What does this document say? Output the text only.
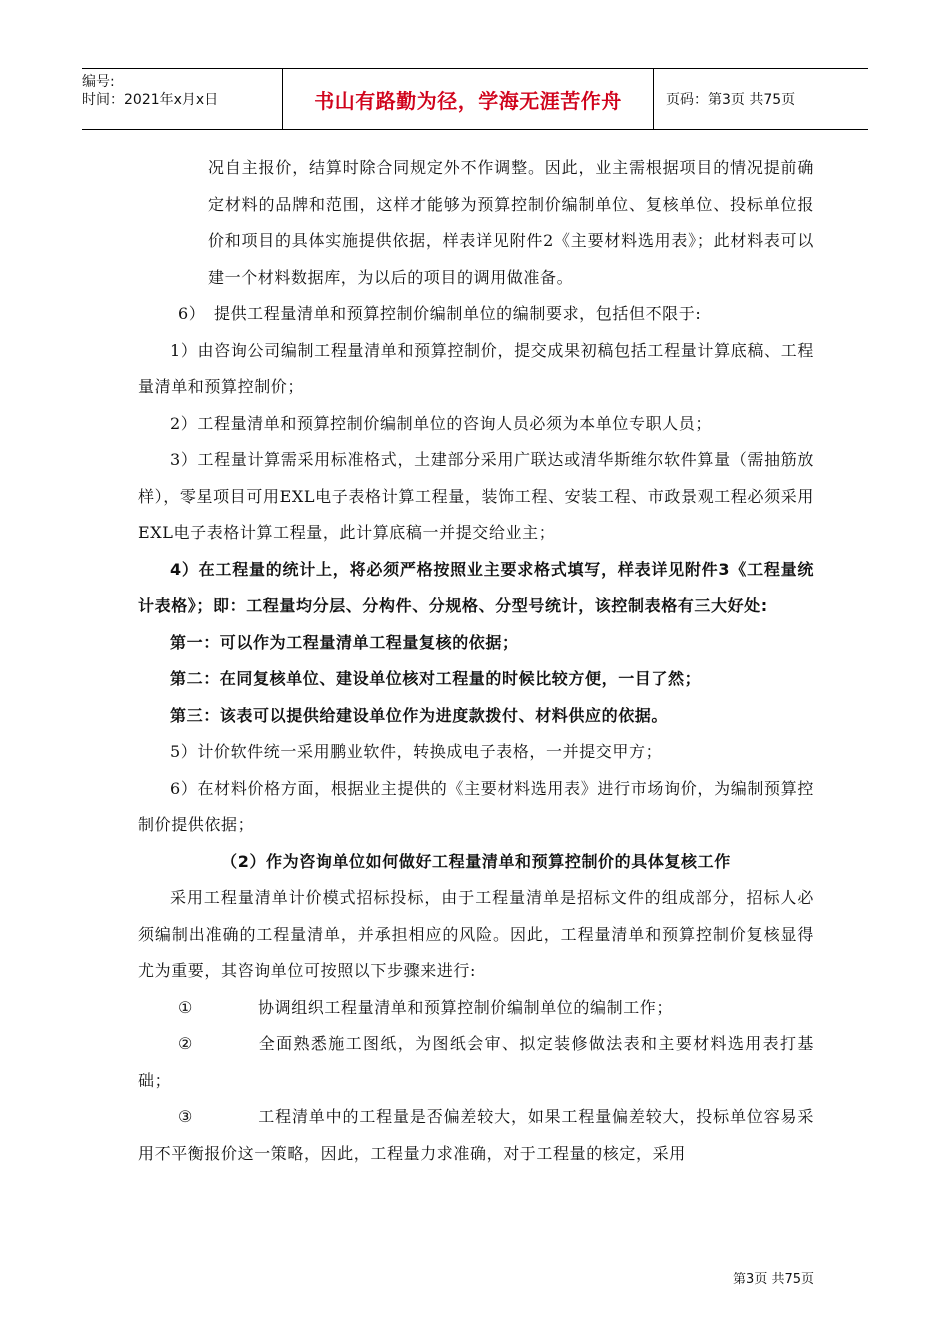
编号:
时间：2021年x月x日	书山有路勤为径，学海无涯苦作舟	页码：第3页 共75页

况自主报价，结算时除合同规定外不作调整。因此，业主需根据项目的情况提前确定材料的品牌和范围，这样才能够为预算控制价编制单位、复核单位、投标单位报价和项目的具体实施提供依据，样表详见附件2《主要材料选用表》；此材料表可以建一个材料数据库，为以后的项目的调用做准备。

6）　提供工程量清单和预算控制价编制单位的编制要求，包括但不限于:

1）由咨询公司编制工程量清单和预算控制价，提交成果初稿包括工程量计算底稿、工程量清单和预算控制价；

2）工程量清单和预算控制价编制单位的咨询人员必须为本单位专职人员；

3）工程量计算需采用标准格式，土建部分采用广联达或清华斯维尔软件算量（需抽筋放样），零星项目可用EXL电子表格计算工程量，装饰工程、安装工程、市政景观工程必须采用EXL电子表格计算工程量，此计算底稿一并提交给业主；

4）在工程量的统计上，将必须严格按照业主要求格式填写，样表详见附件3《工程量统计表格》；即：工程量均分层、分构件、分规格、分型号统计，该控制表格有三大好处:

第一：可以作为工程量清单工程量复核的依据；

第二：在同复核单位、建设单位核对工程量的时候比较方便，一目了然；

第三：该表可以提供给建设单位作为进度款拨付、材料供应的依据。

5）计价软件统一采用鹏业软件，转换成电子表格，一并提交甲方；

6）在材料价格方面，根据业主提供的《主要材料选用表》进行市场询价，为编制预算控制价提供依据；

（2）作为咨询单位如何做好工程量清单和预算控制价的具体复核工作

采用工程量清单计价模式招标投标，由于工程量清单是招标文件的组成部分，招标人必须编制出准确的工程量清单，并承担相应的风险。因此，工程量清单和预算控制价复核显得尤为重要，其咨询单位可按照以下步骤来进行:

①	协调组织工程量清单和预算控制价编制单位的编制工作；

②	全面熟悉施工图纸，为图纸会审、拟定装修做法表和主要材料选用表打基础；

③	工程清单中的工程量是否偏差较大，如果工程量偏差较大，投标单位容易采用不平衡报价这一策略，因此，工程量力求准确，对于工程量的核定，采用

第3页 共75页
